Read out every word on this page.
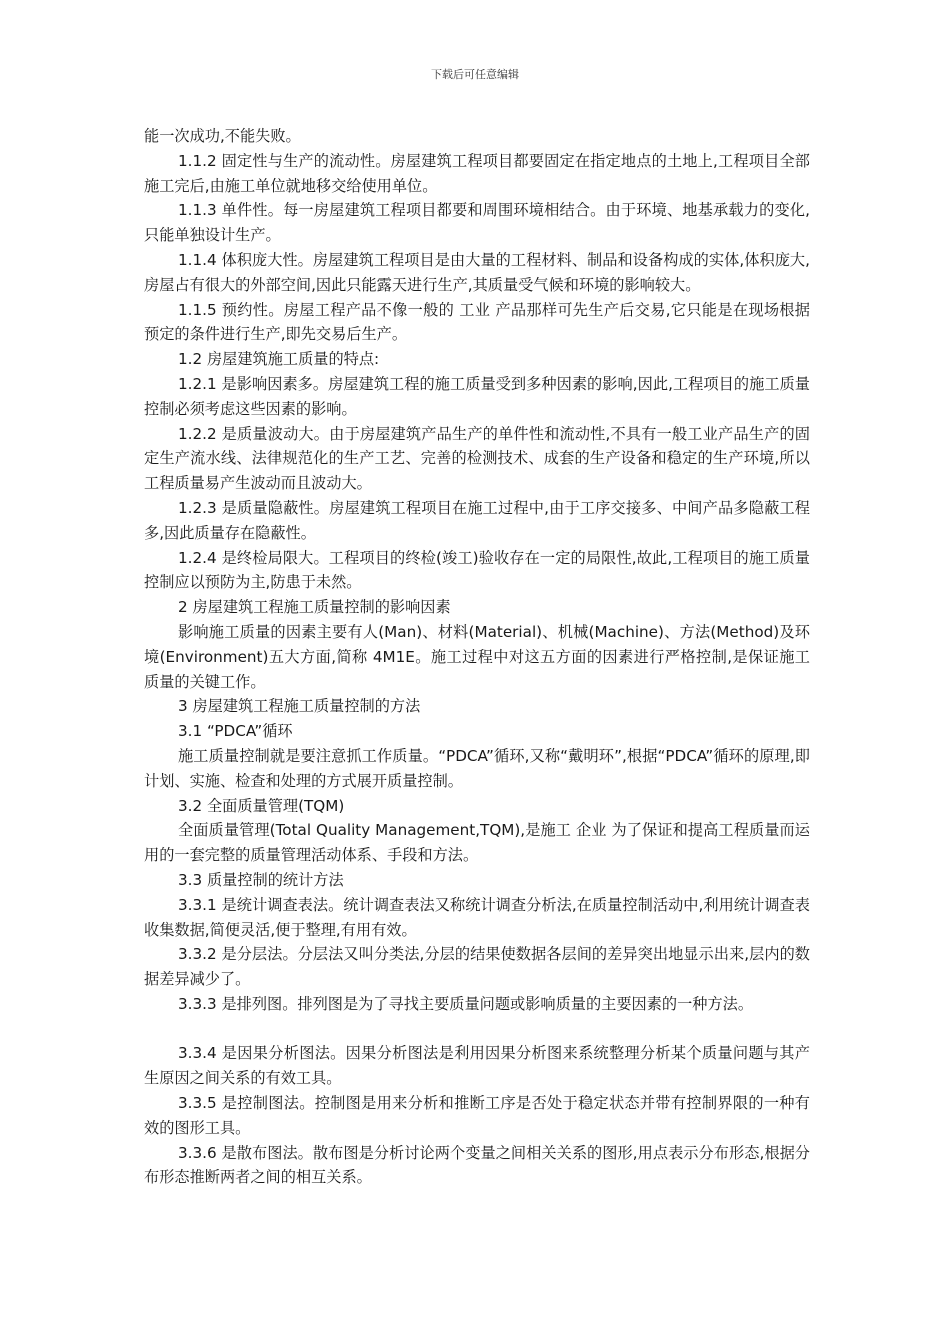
下载后可任意编辑

能一次成功,不能失败。

1.1.2 固定性与生产的流动性。房屋建筑工程项目都要固定在指定地点的土地上,工程项目全部施工完后,由施工单位就地移交给使用单位。

1.1.3 单件性。每一房屋建筑工程项目都要和周围环境相结合。由于环境、地基承载力的变化,只能单独设计生产。

1.1.4 体积庞大性。房屋建筑工程项目是由大量的工程材料、制品和设备构成的实体,体积庞大,房屋占有很大的外部空间,因此只能露天进行生产,其质量受气候和环境的影响较大。

1.1.5 预约性。房屋工程产品不像一般的 工业 产品那样可先生产后交易,它只能是在现场根据预定的条件进行生产,即先交易后生产。

1.2 房屋建筑施工质量的特点:

1.2.1 是影响因素多。房屋建筑工程的施工质量受到多种因素的影响,因此,工程项目的施工质量控制必须考虑这些因素的影响。

1.2.2 是质量波动大。由于房屋建筑产品生产的单件性和流动性,不具有一般工业产品生产的固定生产流水线、法律规范化的生产工艺、完善的检测技术、成套的生产设备和稳定的生产环境,所以工程质量易产生波动而且波动大。

1.2.3 是质量隐蔽性。房屋建筑工程项目在施工过程中,由于工序交接多、中间产品多隐蔽工程多,因此质量存在隐蔽性。

1.2.4 是终检局限大。工程项目的终检(竣工)验收存在一定的局限性,故此,工程项目的施工质量控制应以预防为主,防患于未然。

2 房屋建筑工程施工质量控制的影响因素

影响施工质量的因素主要有人(Man)、材料(Material)、机械(Machine)、方法(Method)及环境(Environment)五大方面,简称 4M1E。施工过程中对这五方面的因素进行严格控制,是保证施工质量的关键工作。

3 房屋建筑工程施工质量控制的方法

3.1 “PDCA”循环

施工质量控制就是要注意抓工作质量。“PDCA”循环,又称“戴明环”,根据“PDCA”循环的原理,即计划、实施、检查和处理的方式展开质量控制。

3.2 全面质量管理(TQM)

全面质量管理(Total Quality Management,TQM),是施工 企业 为了保证和提高工程质量而运用的一套完整的质量管理活动体系、手段和方法。

3.3 质量控制的统计方法

3.3.1 是统计调查表法。统计调查表法又称统计调查分析法,在质量控制活动中,利用统计调查表收集数据,简便灵活,便于整理,有用有效。

3.3.2 是分层法。分层法又叫分类法,分层的结果使数据各层间的差异突出地显示出来,层内的数据差异减少了。

3.3.3 是排列图。排列图是为了寻找主要质量问题或影响质量的主要因素的一种方法。

3.3.4 是因果分析图法。因果分析图法是利用因果分析图来系统整理分析某个质量问题与其产生原因之间关系的有效工具。

3.3.5 是控制图法。控制图是用来分析和推断工序是否处于稳定状态并带有控制界限的一种有效的图形工具。

3.3.6 是散布图法。散布图是分析讨论两个变量之间相关关系的图形,用点表示分布形态,根据分布形态推断两者之间的相互关系。
